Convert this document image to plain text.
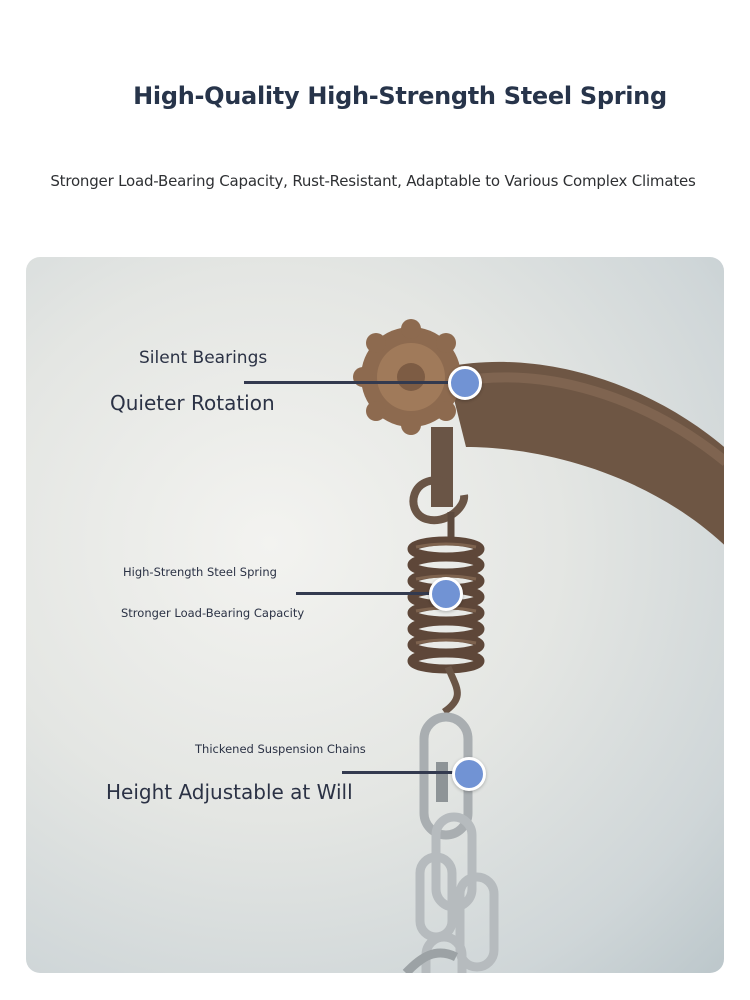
High-Quality High-Strength Steel Spring
Stronger Load-Bearing Capacity, Rust-Resistant, Adaptable to Various Complex Climates
Silent Bearings
Quieter Rotation
High-Strength Steel Spring
Stronger Load-Bearing Capacity
Thickened Suspension Chains
Height Adjustable at Will
